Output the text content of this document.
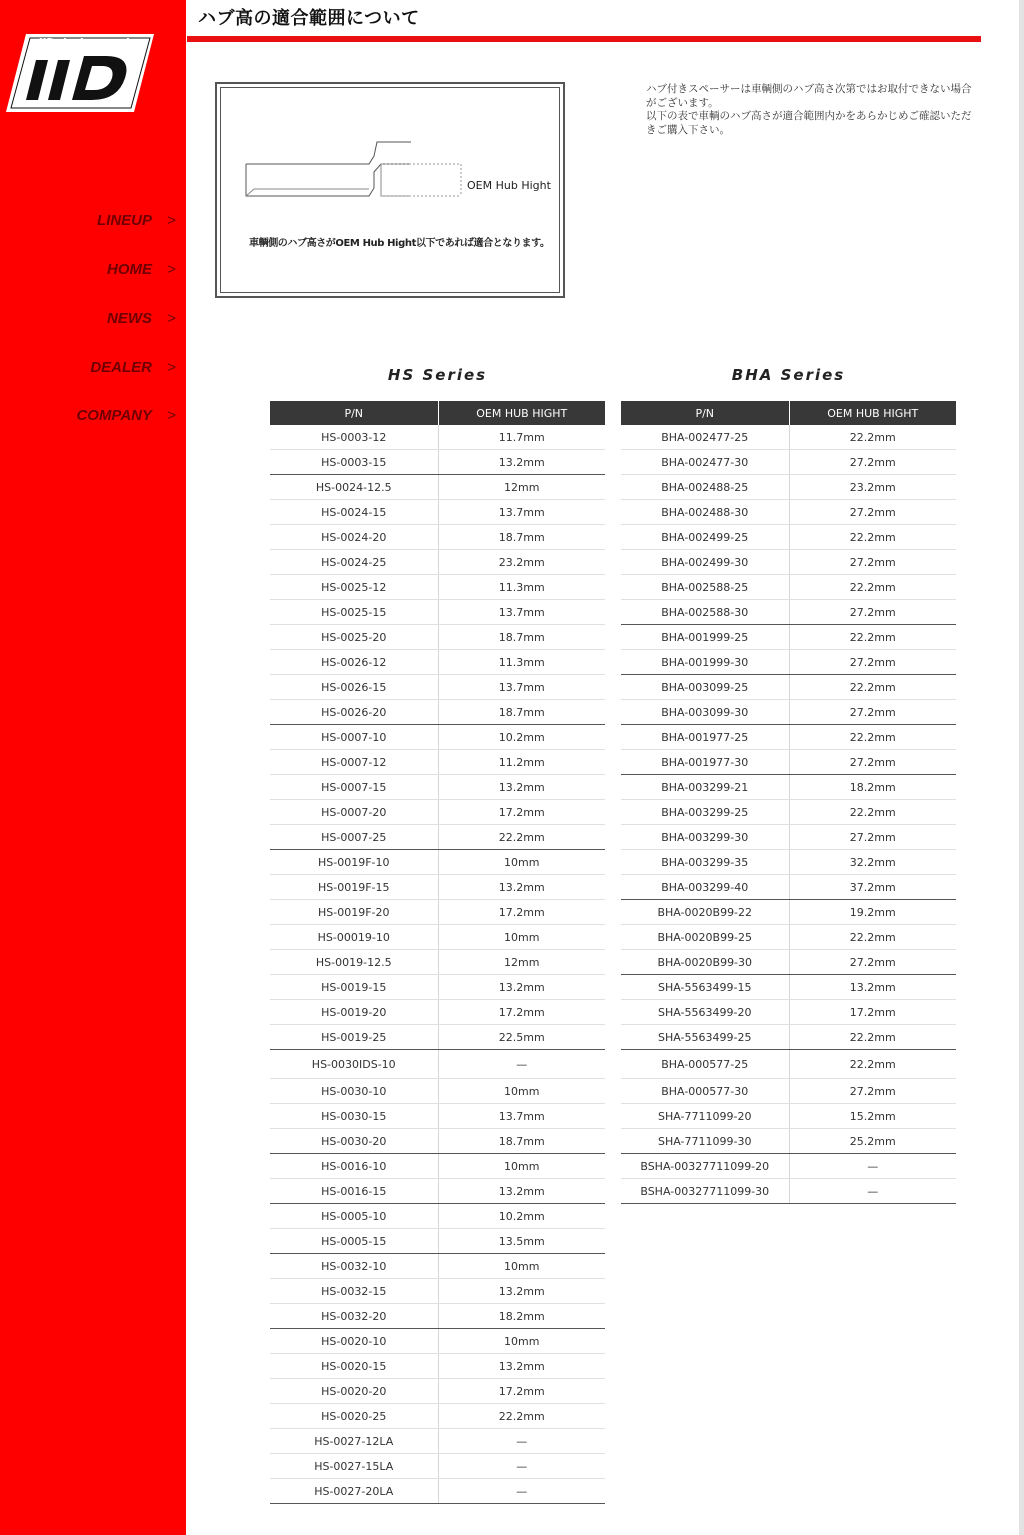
IID design product
LINEUP >
HOME >
NEWS >
DEALER >
COMPANY >
ハブ高の適合範囲について
OEM Hub Hight
車輌側のハブ高さがOEM Hub Hight以下であれば適合となります。

ハブ付きスペーサーは車輌側のハブ高さ次第ではお取付できない場合がございます。

以下の表で車輌のハブ高さが適合範囲内かをあらかじめご確認いただきご購入下さい。

HS Series	BHA Series
P/N	OEM HUB HIGHT
HS-0003-12	11.7mm
HS-0003-15	13.2mm
HS-0024-12.5	12mm
HS-0024-15	13.7mm
HS-0024-20	18.7mm
HS-0024-25	23.2mm
HS-0025-12	11.3mm
HS-0025-15	13.7mm
HS-0025-20	18.7mm
HS-0026-12	11.3mm
HS-0026-15	13.7mm
HS-0026-20	18.7mm
HS-0007-10	10.2mm
HS-0007-12	11.2mm
HS-0007-15	13.2mm
HS-0007-20	17.2mm
HS-0007-25	22.2mm
HS-0019F-10	10mm
HS-0019F-15	13.2mm
HS-0019F-20	17.2mm
HS-00019-10	10mm
HS-0019-12.5	12mm
HS-0019-15	13.2mm
HS-0019-20	17.2mm
HS-0019-25	22.5mm
HS-0030IDS-10	—
HS-0030-10	10mm
HS-0030-15	13.7mm
HS-0030-20	18.7mm
HS-0016-10	10mm
HS-0016-15	13.2mm
HS-0005-10	10.2mm
HS-0005-15	13.5mm
HS-0032-10	10mm
HS-0032-15	13.2mm
HS-0032-20	18.2mm
HS-0020-10	10mm
HS-0020-15	13.2mm
HS-0020-20	17.2mm
HS-0020-25	22.2mm
HS-0027-12LA	—
HS-0027-15LA	—
HS-0027-20LA	—
P/N	OEM HUB HIGHT
BHA-002477-25	22.2mm
BHA-002477-30	27.2mm
BHA-002488-25	23.2mm
BHA-002488-30	27.2mm
BHA-002499-25	22.2mm
BHA-002499-30	27.2mm
BHA-002588-25	22.2mm
BHA-002588-30	27.2mm
BHA-001999-25	22.2mm
BHA-001999-30	27.2mm
BHA-003099-25	22.2mm
BHA-003099-30	27.2mm
BHA-001977-25	22.2mm
BHA-001977-30	27.2mm
BHA-003299-21	18.2mm
BHA-003299-25	22.2mm
BHA-003299-30	27.2mm
BHA-003299-35	32.2mm
BHA-003299-40	37.2mm
BHA-0020B99-22	19.2mm
BHA-0020B99-25	22.2mm
BHA-0020B99-30	27.2mm
SHA-5563499-15	13.2mm
SHA-5563499-20	17.2mm
SHA-5563499-25	22.2mm
BHA-000577-25	22.2mm
BHA-000577-30	27.2mm
SHA-7711099-20	15.2mm
SHA-7711099-30	25.2mm
BSHA-00327711099-20	—
BSHA-00327711099-30	—
